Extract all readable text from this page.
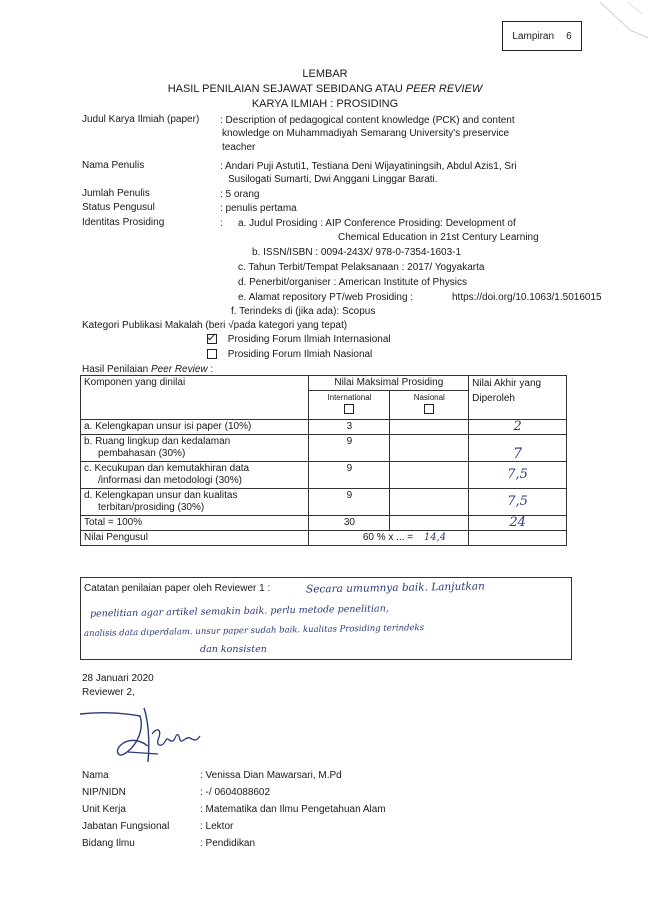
Lampiran 6
LEMBAR
HASIL PENILAIAN SEJAWAT SEBIDANG ATAU PEER REVIEW
KARYA ILMIAH : PROSIDING
Judul Karya Ilmiah (paper) : Description of pedagogical content knowledge (PCK) and content
knowledge on Muhammadiyah Semarang University's preservice
teacher
Nama Penulis	: Andari Puji Astuti1, Testiana Deni Wijayatiningsih, Abdul Azis1, Sri
Susilogati Sumarti, Dwi Anggani Linggar Barati.
Jumlah Penulis	: 5 orang
Status Pengusul	: penulis pertama
Identitas Prosiding	: a. Judul Prosiding : AIP Conference Prosiding: Development of
Chemical Education in 21st Century Learning
b. ISSN/ISBN : 0094-243X/ 978-0-7354-1603-1
c. Tahun Terbit/Tempat Pelaksanaan : 2017/ Yogyakarta
d. Penerbit/organiser : American Institute of Physics
e. Alamat repository PT/web Prosiding :	https://doi.org/10.1063/1.5016015
f. Terindeks di (jika ada): Scopus
Kategori Publikasi Makalah (beri √pada kategori yang tepat)
Prosiding Forum Ilmiah Internasional
Prosiding Forum Ilmiah Nasional
Hasil Penilaian Peer Review :
Komponen yang dinilai	Nilai Maksimal Prosiding		Nilai Akhir yang
Diperoleh

	International	Nasional	

a. Kelengkapan unsur isi paper (10%)	3		2

b. Ruang lingkup dan kedalaman
pembahasan (30%)	9		7

c. Kecukupan dan kemutakhiran data
/informasi dan metodologi (30%)	9		7,5

d. Kelengkapan unsur dan kualitas
terbitan/prosiding (30%)	9		7,5
Total = 100%	30		24
Nilai Pengusul	60 % x ... = 14,4		
Catatan penilaian paper oleh Reviewer 1 :	Secara umumnya baik. Lanjutkan
penelitian agar artikel semakin baik. perlu metode penelitian,
analisis data diperdalam. unsur paper sudah baik. kualitas Prosiding terindeks
dan konsisten
28 Januari 2020
Reviewer 2,
Nama	: Venissa Dian Mawarsari, M.Pd
NIP/NIDN	: -/ 0604088602
Unit Kerja	: Matematika dan Ilmu Pengetahuan Alam
Jabatan Fungsional	: Lektor
Bidang Ilmu	: Pendidikan
